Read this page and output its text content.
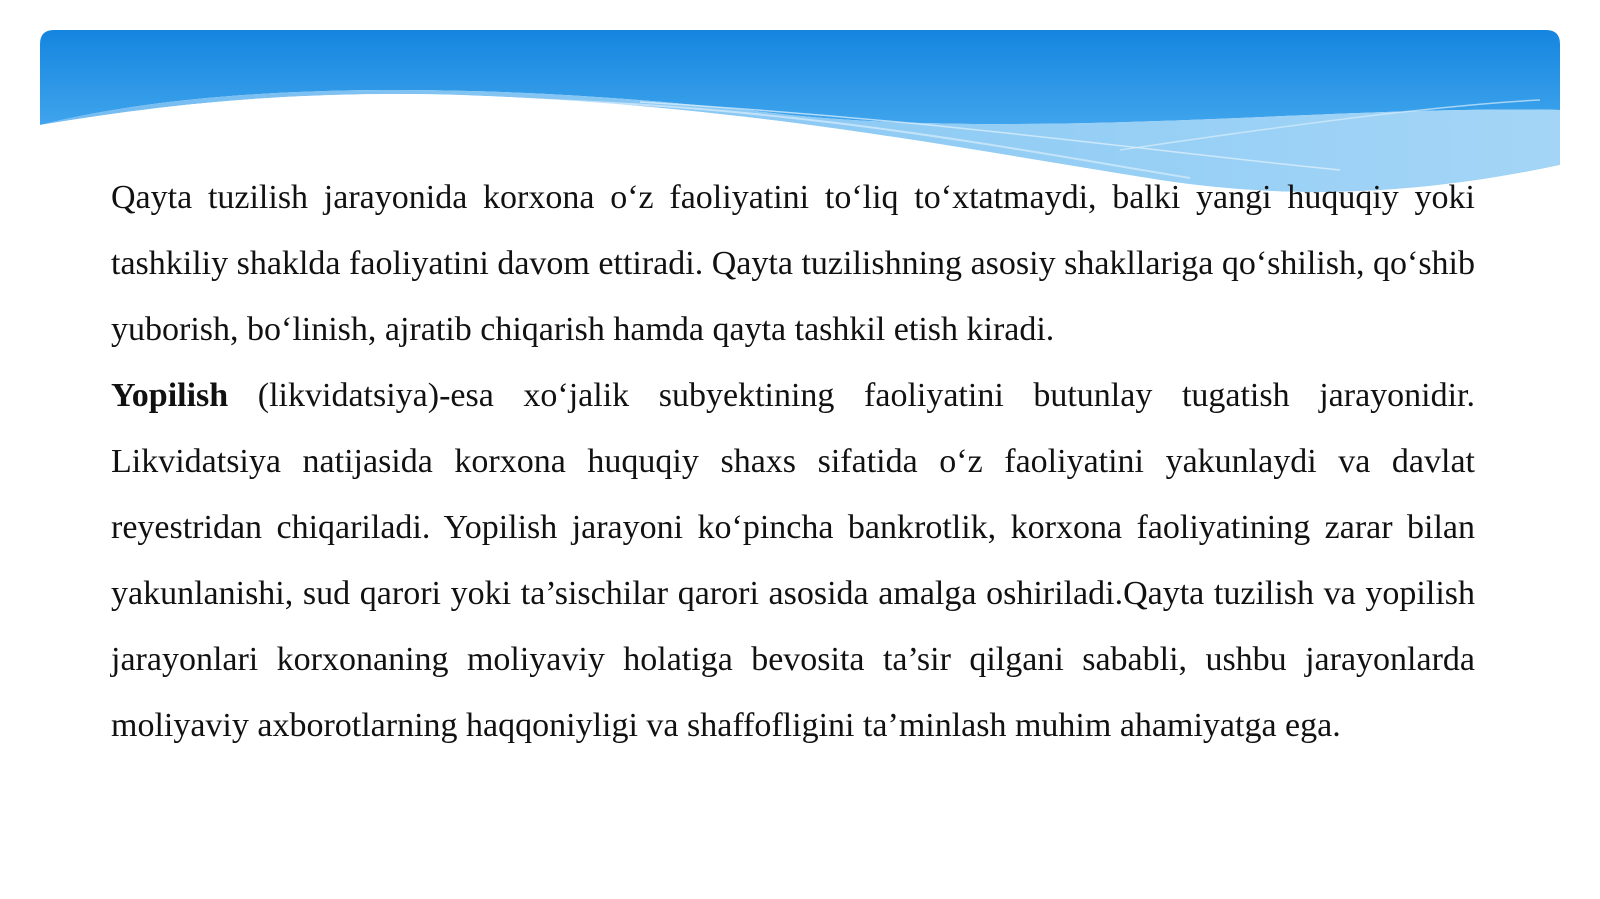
Qayta tuzilish jarayonida korxona o‘z faoliyatini to‘liq to‘xtatmaydi, balki yangi huquqiy yoki tashkiliy shaklda faoliyatini davom ettiradi. Qayta tuzilishning asosiy shakllariga qo‘shilish, qo‘shib yuborish, bo‘linish, ajratib chiqarish hamda qayta tashkil etish kiradi.

Yopilish (likvidatsiya)-esa xo‘jalik subyektining faoliyatini butunlay tugatish jarayonidir. Likvidatsiya natijasida korxona huquqiy shaxs sifatida o‘z faoliyatini yakunlaydi va davlat reyestridan chiqariladi. Yopilish jarayoni ko‘pincha bankrotlik, korxona faoliyatining zarar bilan yakunlanishi, sud qarori yoki ta’sischilar qarori asosida amalga oshiriladi.Qayta tuzilish va yopilish jarayonlari korxonaning moliyaviy holatiga bevosita ta’sir qilgani sababli, ushbu jarayonlarda moliyaviy axborotlarning haqqoniyligi va shaffofligini ta’minlash muhim ahamiyatga ega.
